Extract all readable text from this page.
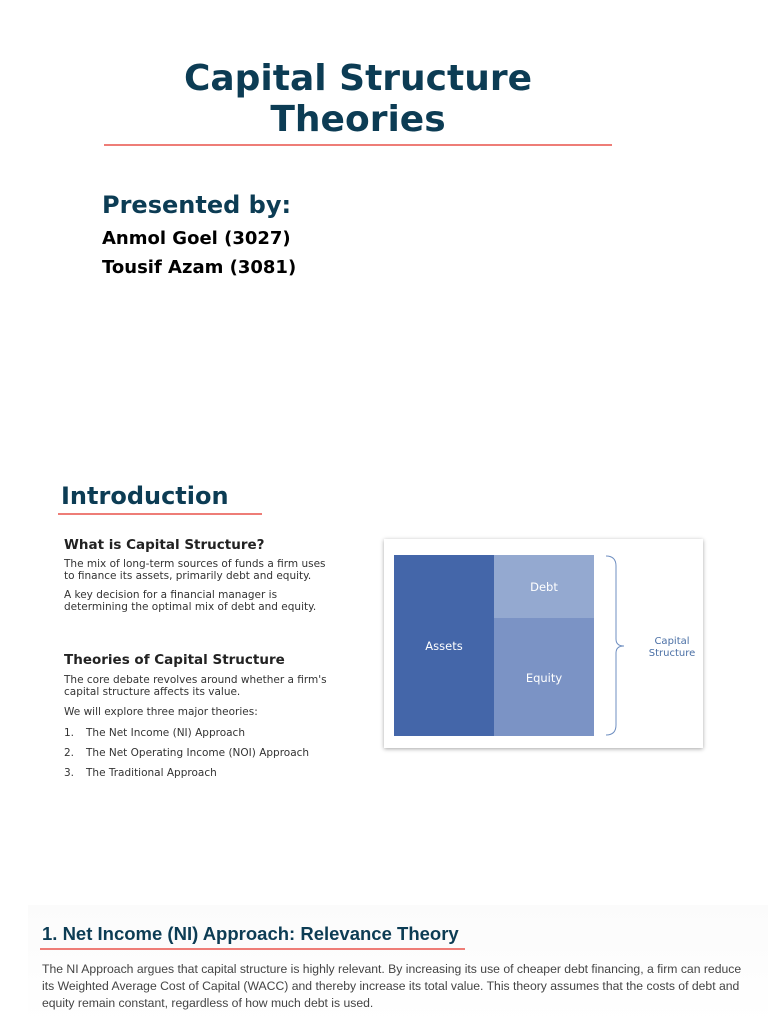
Capital Structure
Theories
Presented by:
Anmol Goel (3027)
Tousif Azam (3081)
Introduction
What is Capital Structure?
The mix of long-term sources of funds a firm uses to finance its assets, primarily debt and equity.
A key decision for a financial manager is determining the optimal mix of debt and equity.
Theories of Capital Structure
The core debate revolves around whether a firm's capital structure affects its value.
We will explore three major theories:
1.	The Net Income (NI) Approach
2.	The Net Operating Income (NOI) Approach
3.	The Traditional Approach
Assets
Debt
Equity
Capital
Structure
1. Net Income (NI) Approach: Relevance Theory
The NI Approach argues that capital structure is highly relevant. By increasing its use of cheaper debt financing, a firm can reduce its Weighted Average Cost of Capital (WACC) and thereby increase its total value. This theory assumes that the costs of debt and equity remain constant, regardless of how much debt is used.
